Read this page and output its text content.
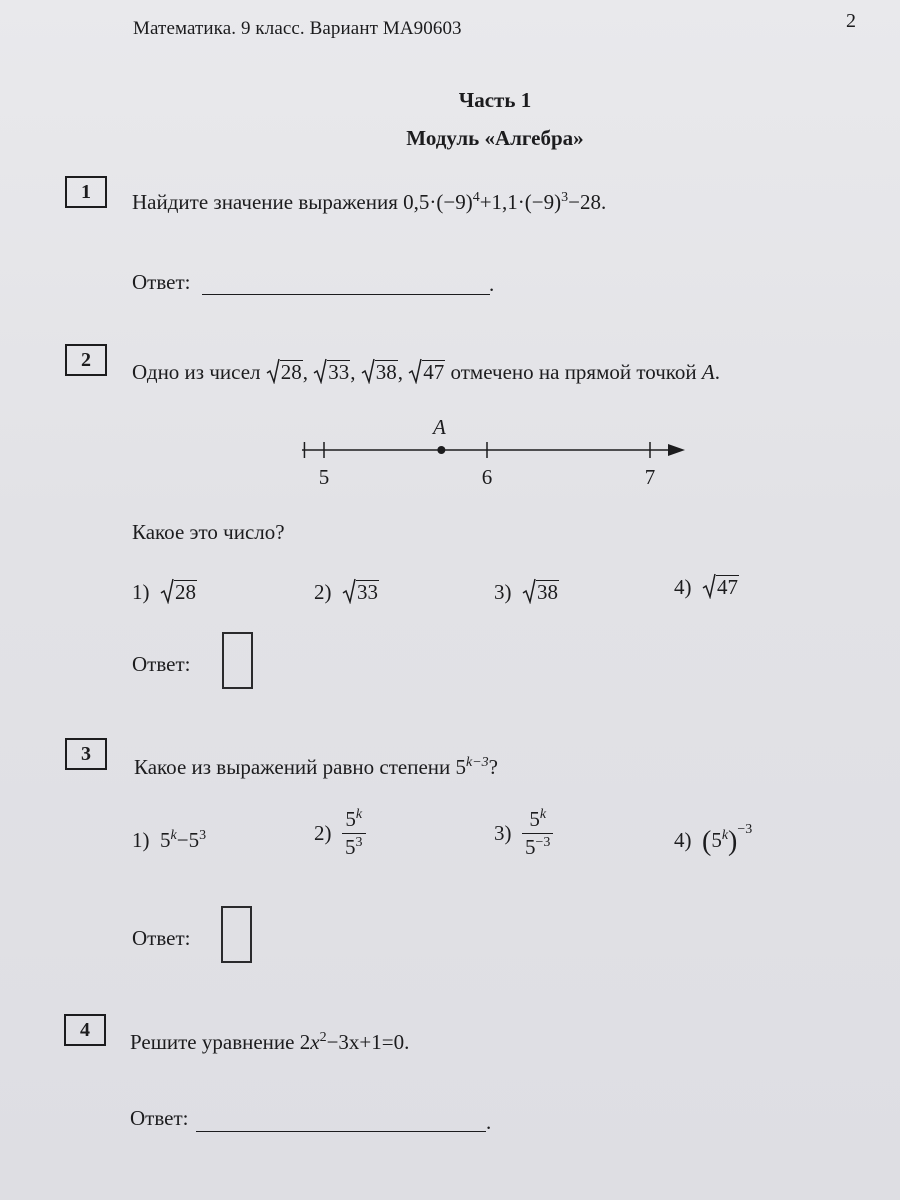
Математика. 9 класс. Вариант МА90603	2
Часть 1
Модуль «Алгебра»
1	Найдите значение выражения $0,5\cdot(-9)^4+1,1\cdot(-9)^3-28$.
Ответ:	.
2	Одно из чисел 28,
33,
38,
47 отмечено на прямой точкой A.
5	6	7
A
Какое это число?
1) 28	2) 33	3) 38	4) 47
Ответ:
3
Какое из выражений равно степени $5^{k-3}$?
1) $5^k-5^3$	$2) \frac{5^k}{5^3}$	$3) \frac{5^k}{5^{-3}}$	4) $(5^k)^{-3}$
Ответ:
4	Решите уравнение $2x^2-3x+1=0$.
Ответ:	.
